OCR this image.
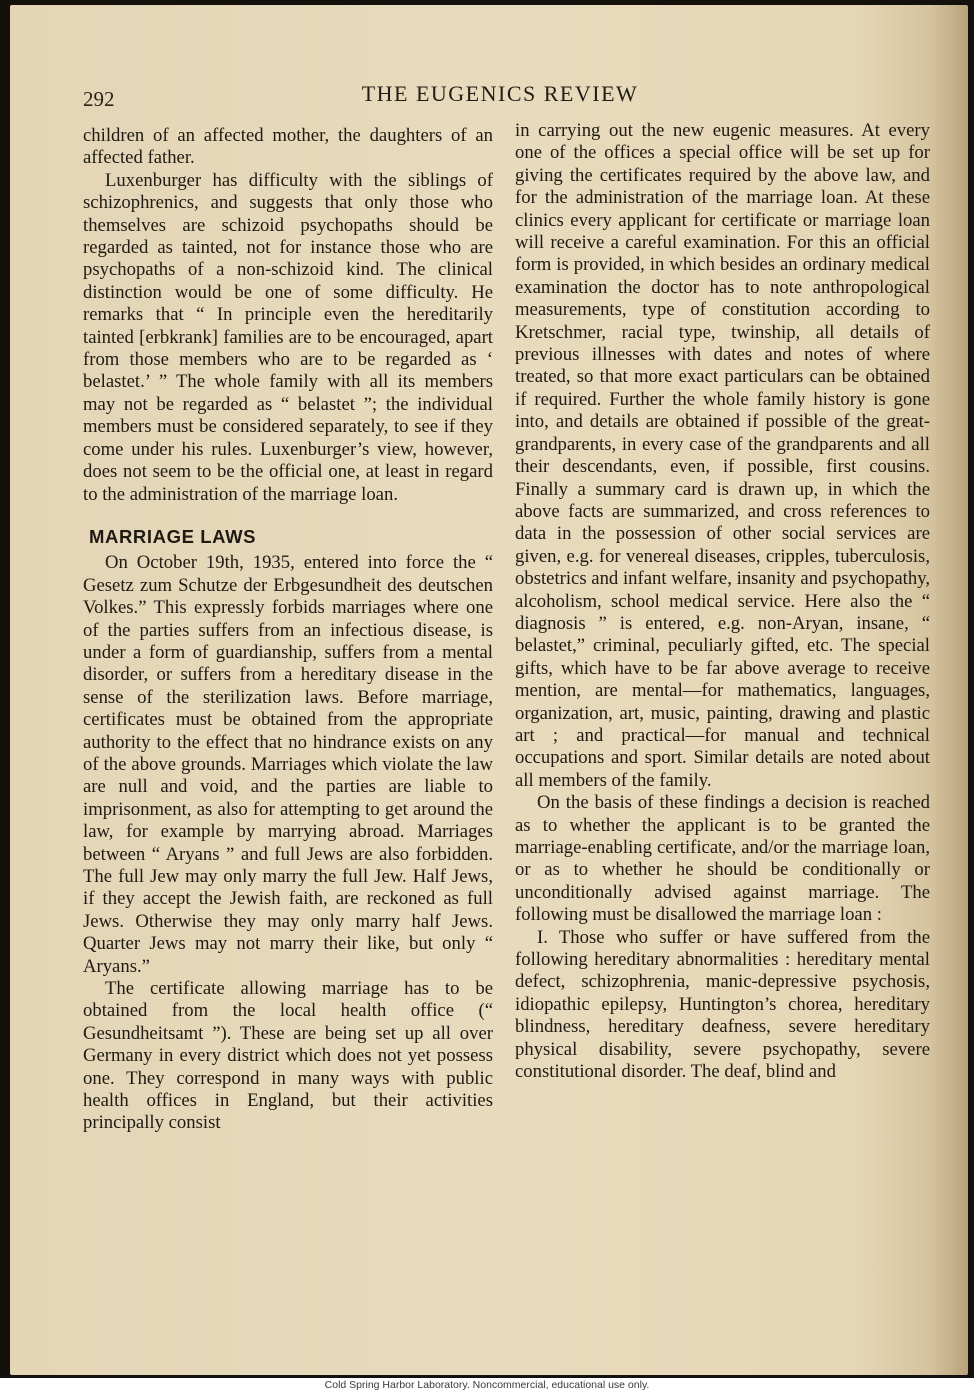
292	THE EUGENICS REVIEW

children of an affected mother, the daughters of an affected father.

Luxenburger has difficulty with the siblings of schizophrenics, and suggests that only those who themselves are schizoid psychopaths should be regarded as tainted, not for instance those who are psychopaths of a non-schizoid kind. The clinical distinction would be one of some difficulty. He remarks that “ In principle even the hereditarily tainted [erbkrank] families are to be encouraged, apart from those members who are to be regarded as ‘ belastet.’ ” The whole family with all its members may not be regarded as “ belastet ”; the individual members must be considered separately, to see if they come under his rules. Luxenburger’s view, however, does not seem to be the official one, at least in regard to the administration of the marriage loan.

MARRIAGE LAWS

On October 19th, 1935, entered into force the “ Gesetz zum Schutze der Erbgesundheit des deutschen Volkes.” This expressly forbids marriages where one of the parties suffers from an infectious disease, is under a form of guardianship, suffers from a mental disorder, or suffers from a hereditary disease in the sense of the sterilization laws. Before marriage, certificates must be obtained from the appropriate authority to the effect that no hindrance exists on any of the above grounds. Marriages which violate the law are null and void, and the parties are liable to imprisonment, as also for attempting to get around the law, for example by marrying abroad. Marriages between “ Aryans ” and full Jews are also forbidden. The full Jew may only marry the full Jew. Half Jews, if they accept the Jewish faith, are reckoned as full Jews. Otherwise they may only marry half Jews. Quarter Jews may not marry their like, but only “ Aryans.”

The certificate allowing marriage has to be obtained from the local health office (“ Gesundheitsamt ”). These are being set up all over Germany in every district which does not yet possess one. They correspond in many ways with public health offices in England, but their activities principally consist

in carrying out the new eugenic measures. At every one of the offices a special office will be set up for giving the certificates required by the above law, and for the administration of the marriage loan. At these clinics every applicant for certificate or marriage loan will receive a careful examination. For this an official form is provided, in which besides an ordinary medical examination the doctor has to note anthropological measurements, type of constitution according to Kretschmer, racial type, twinship, all details of previous illnesses with dates and notes of where treated, so that more exact particulars can be obtained if required. Further the whole family history is gone into, and details are obtained if possible of the great-grandparents, in every case of the grandparents and all their descendants, even, if possible, first cousins. Finally a summary card is drawn up, in which the above facts are summarized, and cross references to data in the possession of other social services are given, e.g. for venereal diseases, cripples, tuberculosis, obstetrics and infant welfare, insanity and psychopathy, alcoholism, school medical service. Here also the “ diagnosis ” is entered, e.g. non-Aryan, insane, “ belastet,” criminal, peculiarly gifted, etc. The special gifts, which have to be far above average to receive mention, are mental—for mathematics, languages, organization, art, music, painting, drawing and plastic art ; and practical—for manual and technical occupations and sport. Similar details are noted about all members of the family.

On the basis of these findings a decision is reached as to whether the applicant is to be granted the marriage-enabling certificate, and/or the marriage loan, or as to whether he should be conditionally or unconditionally advised against marriage. The following must be disallowed the marriage loan :

I. Those who suffer or have suffered from the following hereditary abnormalities : hereditary mental defect, schizophrenia, manic-depressive psychosis, idiopathic epilepsy, Huntington’s chorea, hereditary blindness, hereditary deafness, severe hereditary physical disability, severe psychopathy, severe constitutional disorder. The deaf, blind and

Cold Spring Harbor Laboratory. Noncommercial, educational use only.
